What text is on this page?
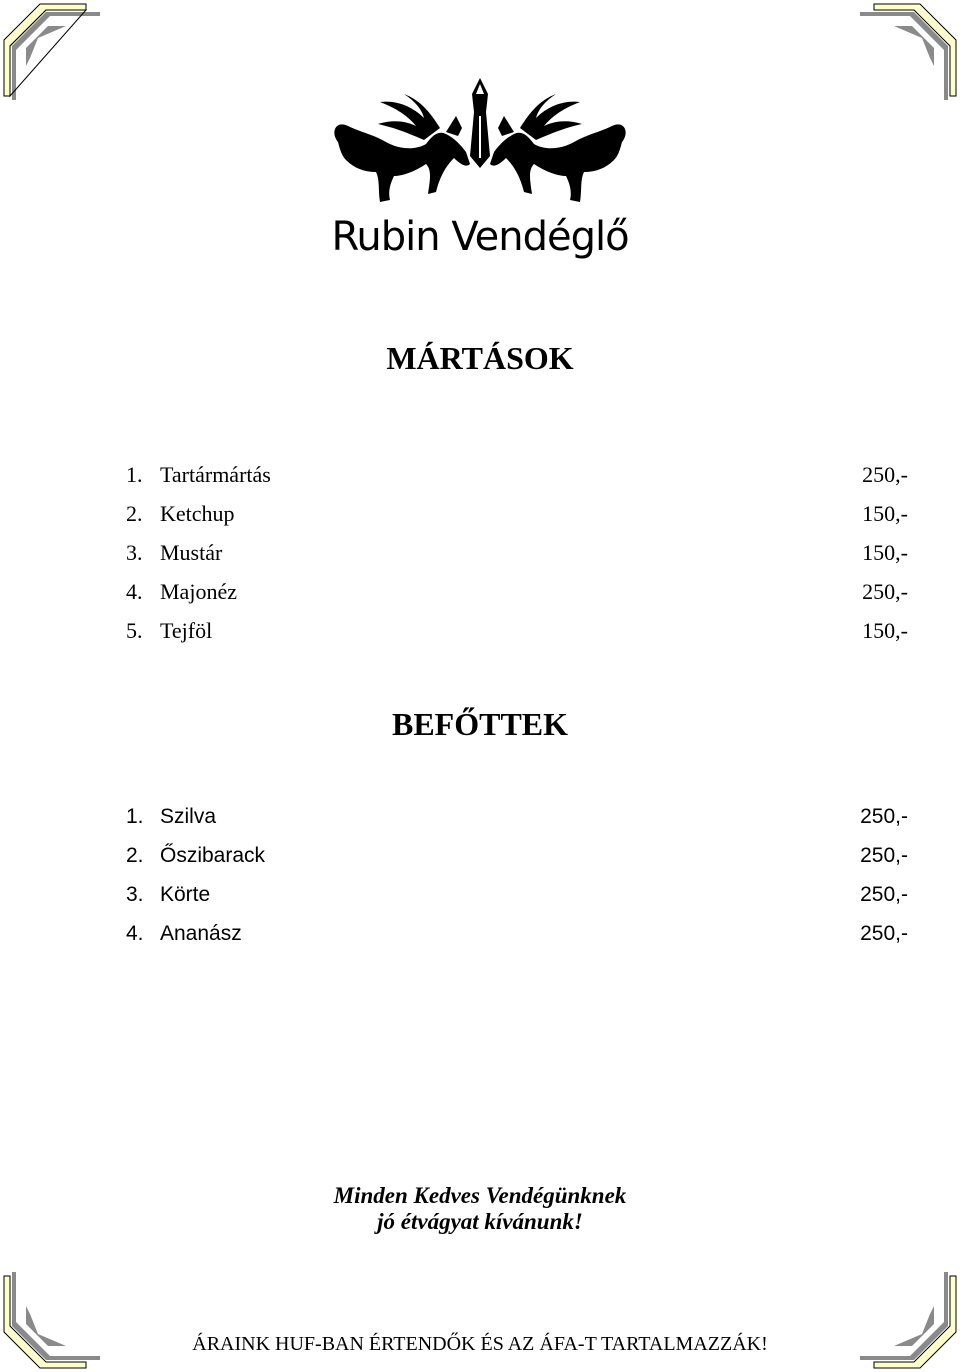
Rubin Vendéglő
MÁRTÁSOK
1. Tartármártás	250,-
2. Ketchup	150,-
3. Mustár	150,-
4. Majonéz	250,-
5. Tejföl	150,-
BEFŐTTEK
1. Szilva	250,-
2. Őszibarack	250,-
3. Körte	250,-
4. Ananász	250,-
Minden Kedves Vendégünknek
jó étvágyat kívánunk!
ÁRAINK HUF-BAN ÉRTENDŐK ÉS AZ ÁFA-T TARTALMAZZÁK!
